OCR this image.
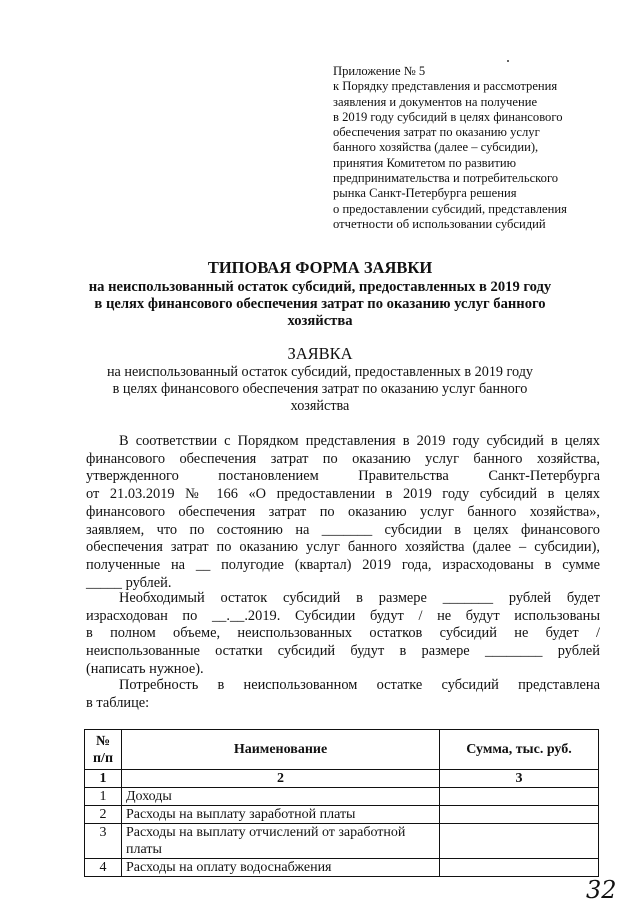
Приложение № 5
к Порядку представления и рассмотрения
заявления и документов на получение
в 2019 году субсидий в целях финансового
обеспечения затрат по оказанию услуг
банного хозяйства (далее – субсидии),
принятия Комитетом по развитию
предпринимательства и потребительского
рынка Санкт-Петербурга решения
о предоставлении субсидий, представления
отчетности об использовании субсидий
ТИПОВАЯ ФОРМА ЗАЯВКИ
на неиспользованный остаток субсидий, предоставленных в 2019 году
в целях финансового обеспечения затрат по оказанию услуг банного
хозяйства
ЗАЯВКА
на неиспользованный остаток субсидий, предоставленных в 2019 году
в целях финансового обеспечения затрат по оказанию услуг банного
хозяйства
В соответствии с Порядком представления в 2019 году субсидий в целях
финансового обеспечения затрат по оказанию услуг банного хозяйства,
утвержденного постановлением Правительства Санкт-Петербурга
от 21.03.2019 № 166 «О предоставлении в 2019 году субсидий в целях
финансового обеспечения затрат по оказанию услуг банного хозяйства»,
заявляем, что по состоянию на _______ субсидии в целях финансового
обеспечения затрат по оказанию услуг банного хозяйства (далее – субсидии),
полученные на __ полугодие (квартал) 2019 года, израсходованы в сумме
_____ рублей.
Необходимый остаток субсидий в размере _______ рублей будет
израсходован по __.__.2019. Субсидии будут / не будут использованы
в полном объеме, неиспользованных остатков субсидий не будет /
неиспользованные остатки субсидий будут в размере ________ рублей
(написать нужное).
Потребность в неиспользованном остатке субсидий представлена
в таблице:
№ п/п	Наименование	Сумма, тыс. руб.
1	2	3
1	Доходы	
2	Расходы на выплату заработной платы	
3	Расходы на выплату отчислений от заработной платы	
4	Расходы на оплату водоснабжения	
32
